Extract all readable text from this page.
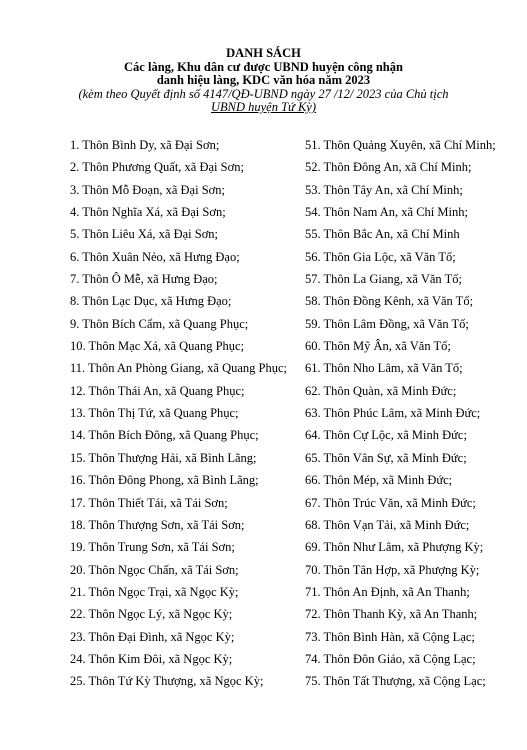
DANH SÁCH
Các làng, Khu dân cư được UBND huyện công nhận
danh hiệu làng, KDC văn hóa năm 2023
(kèm theo Quyết định số 4147/QĐ-UBND ngày 27 /12/ 2023 của Chủ tịch
UBND huyện Tứ Kỳ)
1. Thôn Bình Dy, xã Đại Sơn;
2. Thôn Phương Quất, xã Đại Sơn;
3. Thôn Mỗ Đoạn, xã Đại Sơn;
4. Thôn Nghĩa Xá, xã Đại Sơn;
5. Thôn Liêu Xá, xã Đại Sơn;
6. Thôn Xuân Nẻo, xã Hưng Đạo;
7. Thôn Ô Mễ, xã Hưng Đạo;
8. Thôn Lạc Dục, xã Hưng Đạo;
9. Thôn Bích Cẩm, xã Quang Phục;
10. Thôn Mạc Xá, xã Quang Phục;
11. Thôn An Phòng Giang, xã Quang Phục;
12. Thôn Thái An, xã Quang Phục;
13. Thôn Thị Tứ, xã Quang Phục;
14. Thôn Bích Đông, xã Quang Phục;
15. Thôn Thượng Hải, xã Bình Lãng;
16. Thôn Đông Phong, xã Bình Lãng;
17. Thôn Thiết Tái, xã Tái Sơn;
18. Thôn Thượng Sơn, xã Tái Sơn;
19. Thôn Trung Sơn, xã Tái Sơn;
20. Thôn Ngọc Chấn, xã Tái Sơn;
21. Thôn Ngọc Trại, xã Ngọc Kỳ;
22. Thôn Ngọc Lý, xã Ngọc Kỳ;
23. Thôn Đại Đình, xã Ngọc Kỳ;
24. Thôn Kim Đôi, xã Ngọc Kỳ;
25. Thôn Tứ Kỳ Thượng, xã Ngọc Kỳ;
51. Thôn Quảng Xuyên, xã Chí Minh;
52. Thôn Đông An, xã Chí Minh;
53. Thôn Tây An, xã Chí Minh;
54. Thôn Nam An, xã Chí Minh;
55. Thôn Bắc An, xã Chí Minh
56. Thôn Gia Lộc, xã Văn Tố;
57. Thôn La Giang, xã Văn Tố;
58. Thôn Đồng Kênh, xã Văn Tố;
59. Thôn Lâm Đồng, xã Văn Tố;
60. Thôn Mỹ Ân, xã Văn Tố;
61. Thôn Nho Lâm, xã Văn Tố;
62. Thôn Quàn, xã Minh Đức;
63. Thôn Phúc Lâm, xã Minh Đức;
64. Thôn Cự Lộc, xã Minh Đức;
65. Thôn Vân Sự, xã Minh Đức;
66. Thôn Mép, xã Minh Đức;
67. Thôn Trúc Văn, xã Minh Đức;
68. Thôn Vạn Tải, xã Minh Đức;
69. Thôn Như Lâm, xã Phượng Kỳ;
70. Thôn Tân Hợp, xã Phượng Kỳ;
71. Thôn An Định, xã An Thanh;
72. Thôn Thanh Kỳ, xã An Thanh;
73. Thôn Bình Hàn, xã Cộng Lạc;
74. Thôn Đôn Giáo, xã Cộng Lạc;
75. Thôn Tất Thượng, xã Cộng Lạc;
